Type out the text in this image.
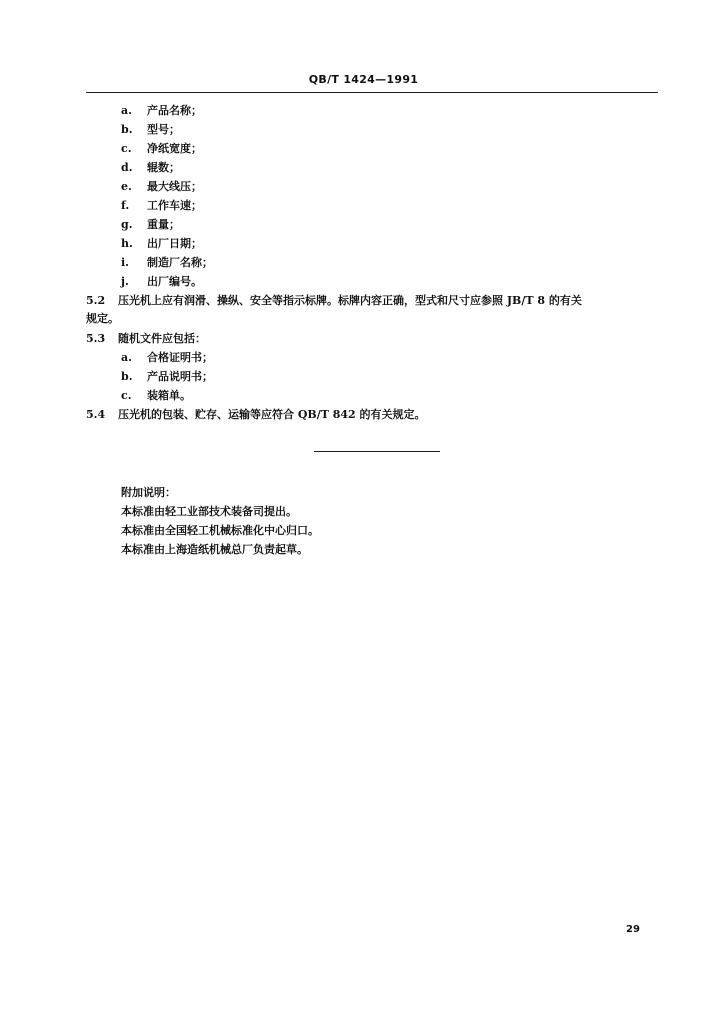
QB/T 1424—1991
a. 产品名称；
b. 型号；
c. 净纸宽度；
d. 辊数；
e. 最大线压；
f. 工作车速；
g. 重量；
h. 出厂日期；
i. 制造厂名称；
j. 出厂编号。
5.2 压光机上应有润滑、操纵、安全等指示标牌。标牌内容正确，型式和尺寸应参照 JB/T 8 的有关
规定。
5.3 随机文件应包括：
a. 合格证明书；
b. 产品说明书；
c. 装箱单。
5.4 压光机的包装、贮存、运输等应符合 QB/T 842 的有关规定。
附加说明：
本标准由轻工业部技术装备司提出。
本标准由全国轻工机械标准化中心归口。
本标准由上海造纸机械总厂负责起草。
29
